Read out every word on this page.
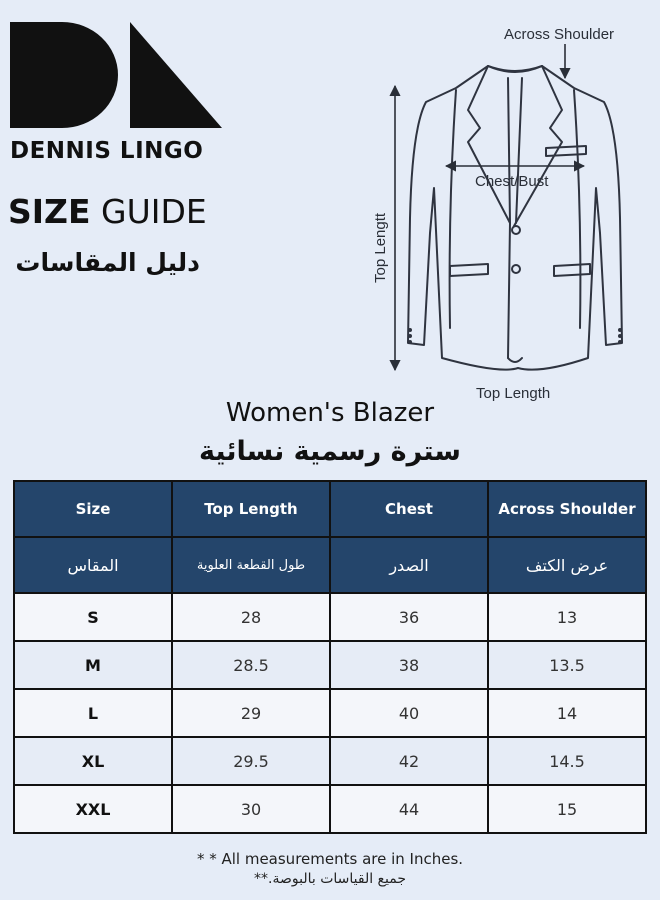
DENNIS LINGO
SIZE GUIDE
دليل المقاسات
Across Shoulder
Chest/Bust
Top Lengtt
Top Length
Women's Blazer
سترة رسمية نسائية
Size	Top Length	Chest	Across Shoulder
المقاس	طول القطعة العلوية	الصدر	عرض الكتف
S	28	36	13
M	28.5	38	13.5
L	29	40	14
XL	29.5	42	14.5
XXL	30	44	15
* * All measurements are in Inches.
جميع القياسات بالبوصة.**
